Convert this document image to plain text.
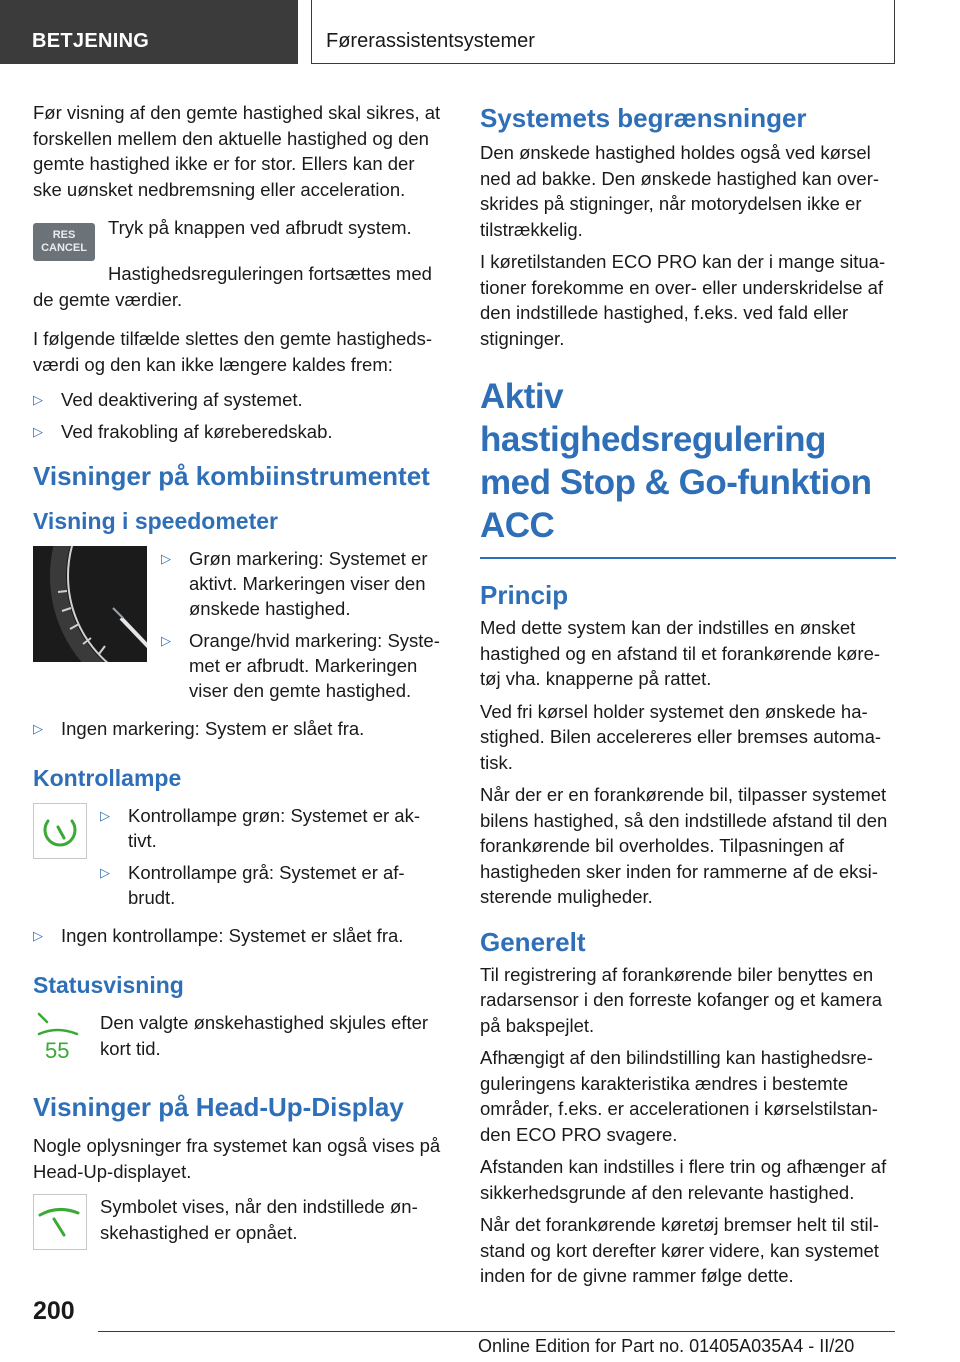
BETJENING	Førerassistentsystemer

Før visning af den gemte hastighed skal sikres, at forskellen mellem den aktuelle hastighed og den gemte hastighed ikke er for stor. Ellers kan der ske uønsket nedbremsning eller acceleration.

RES
CANCEL

Tryk på knappen ved afbrudt system.

Hastighedsreguleringen fortsættes med de gemte værdier.

I følgende tilfælde slettes den gemte hastigheds-værdi og den kan ikke længere kaldes frem:

▷ Ved deaktivering af systemet.
▷ Ved frakobling af kørеberedskab.
Visninger på kombiinstrumentet
Visning i speedometer
▷ Grøn markering: Systemet er aktivt. Markeringen viser den ønskede hastighed.
▷ Orange/hvid markering: Syste-met er afbrudt. Markeringen viser den gemte hastighed.
▷ Ingen markering: System er slået fra.
Kontrollampe
▷ Kontrollampe grøn: Systemet er ak-tivt.
▷ Kontrollampe grå: Systemet er af-brudt.
▷ Ingen kontrollampe: Systemet er slået fra.
Statusvisning
55

Den valgte ønskehastighed skjules efter kort tid.

Visninger på Head-Up-Display

Nogle oplysninger fra systemet kan også vises på Head-Up-displayet.

Symbolet vises, når den indstillede øn-skehastighed er opnået.

Systemets begrænsninger

Den ønskede hastighed holdes også ved kørsel ned ad bakke. Den ønskede hastighed kan over-skrides på stigninger, når motorydelsen ikke er tilstrækkelig.

I køretilstanden ECO PRO kan der i mange situa-tioner forekomme en over- eller underskridelse af den indstillede hastighed, f.eks. ved fald eller stigninger.

Aktiv hastighedsregulering med Stop & Go-funktion ACC
Princip

Med dette system kan der indstilles en ønsket hastighed og en afstand til et forankørende køre-tøj vha. knapperne på rattet.

Ved fri kørsel holder systemet den ønskede ha-stighed. Bilen accelereres eller bremses automa-tisk.

Når der er en forankørende bil, tilpasser systemet bilens hastighed, så den indstillede afstand til den forankørende bil overholdes. Tilpasningen af hastigheden sker inden for rammerne af de eksi-sterende muligheder.

Generelt

Til registrering af forankørende biler benyttes en radarsensor i den forreste kofanger og et kamera på bakspejlet.

Afhængigt af den bilindstilling kan hastighedsre-guleringens karakteristika ændres i bestemte områder, f.eks. er accelerationen i kørselstilstan-den ECO PRO svagere.

Afstanden kan indstilles i flere trin og afhænger af sikkerhedsgrunde af den relevante hastighed.

Når det forankørende køretøj bremser helt til stil-stand og kort derefter kører videre, kan systemet inden for de givne rammer følge dette.

200
Online Edition for Part no. 01405A035A4 - II/20
